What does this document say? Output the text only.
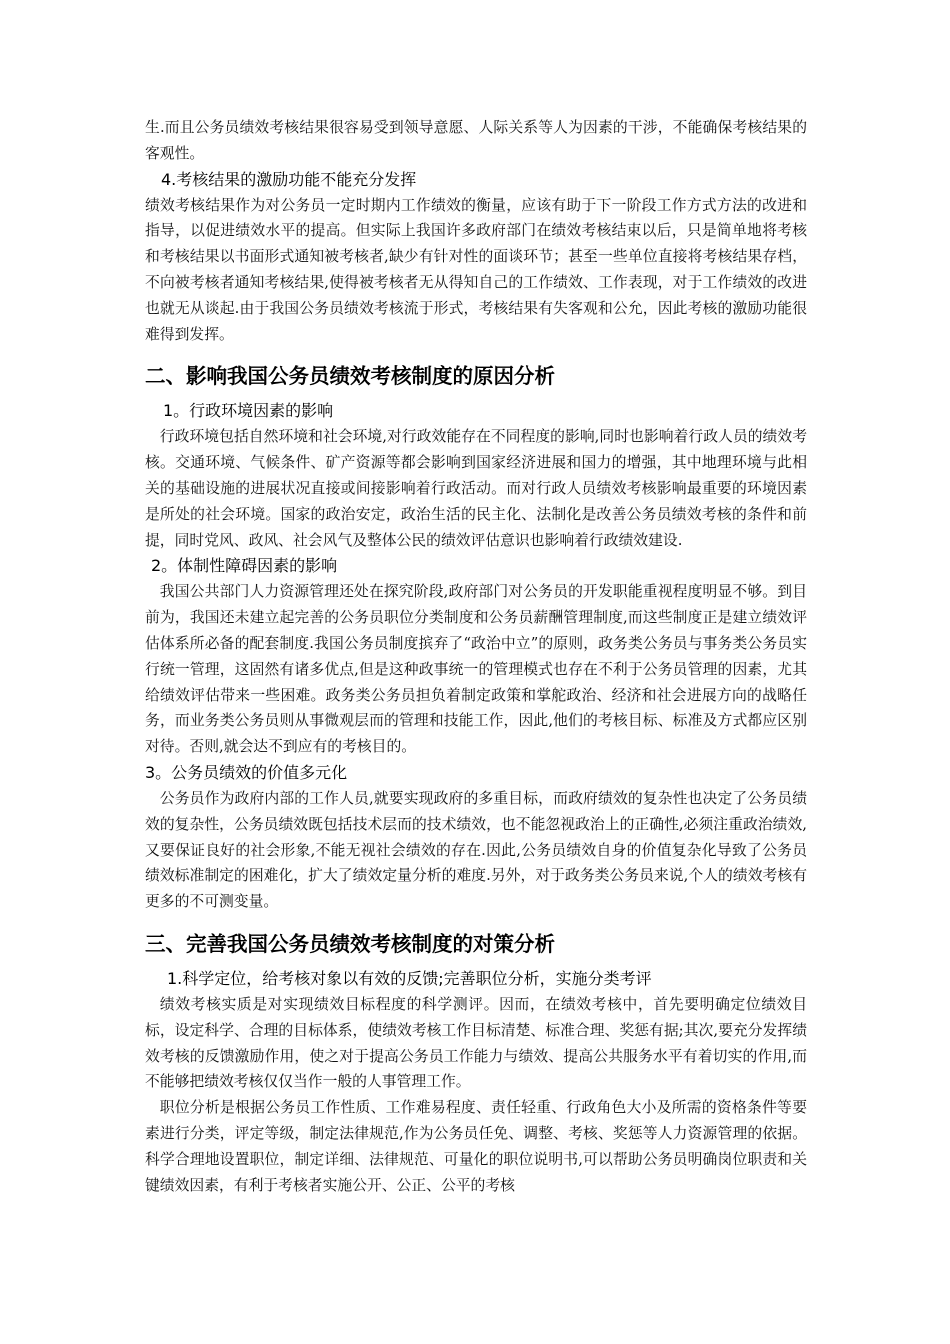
生.而且公务员绩效考核结果很容易受到领导意愿、人际关系等人为因素的干涉，不能确保考核结果的客观性。

4.考核结果的激励功能不能充分发挥

绩效考核结果作为对公务员一定时期内工作绩效的衡量，应该有助于下一阶段工作方式方法的改进和指导，以促进绩效水平的提高。但实际上我国许多政府部门在绩效考核结束以后，只是简单地将考核和考核结果以书面形式通知被考核者,缺少有针对性的面谈环节；甚至一些单位直接将考核结果存档，不向被考核者通知考核结果,使得被考核者无从得知自己的工作绩效、工作表现，对于工作绩效的改进也就无从谈起.由于我国公务员绩效考核流于形式，考核结果有失客观和公允，因此考核的激励功能很难得到发挥。

二、影响我国公务员绩效考核制度的原因分析

1。行政环境因素的影响

行政环境包括自然环境和社会环境,对行政效能存在不同程度的影响,同时也影响着行政人员的绩效考核。交通环境、气候条件、矿产资源等都会影响到国家经济进展和国力的增强，其中地理环境与此相关的基础设施的进展状况直接或间接影响着行政活动。而对行政人员绩效考核影响最重要的环境因素是所处的社会环境。国家的政治安定，政治生活的民主化、法制化是改善公务员绩效考核的条件和前提，同时党风、政风、社会风气及整体公民的绩效评估意识也影响着行政绩效建设.

2。体制性障碍因素的影响

我国公共部门人力资源管理还处在探究阶段,政府部门对公务员的开发职能重视程度明显不够。到目前为，我国还未建立起完善的公务员职位分类制度和公务员薪酬管理制度,而这些制度正是建立绩效评估体系所必备的配套制度.我国公务员制度摈弃了“政治中立”的原则，政务类公务员与事务类公务员实行统一管理，这固然有诸多优点,但是这种政事统一的管理模式也存在不利于公务员管理的因素，尤其给绩效评估带来一些困难。政务类公务员担负着制定政策和掌舵政治、经济和社会进展方向的战略任务，而业务类公务员则从事微观层而的管理和技能工作，因此,他们的考核目标、标准及方式都应区别对待。否则,就会达不到应有的考核目的。

3。公务员绩效的价值多元化

公务员作为政府内部的工作人员,就要实现政府的多重目标，而政府绩效的复杂性也决定了公务员绩效的复杂性，公务员绩效既包括技术层而的技术绩效，也不能忽视政治上的正确性,必须注重政治绩效,又要保证良好的社会形象,不能无视社会绩效的存在.因此,公务员绩效自身的价值复杂化导致了公务员绩效标准制定的困难化，扩大了绩效定量分析的难度.另外，对于政务类公务员来说,个人的绩效考核有更多的不可测变量。

三、完善我国公务员绩效考核制度的对策分析

1.科学定位，给考核对象以有效的反馈;完善职位分析，实施分类考评

绩效考核实质是对实现绩效目标程度的科学测评。因而，在绩效考核中，首先要明确定位绩效目标，设定科学、合理的目标体系，使绩效考核工作目标清楚、标准合理、奖惩有据;其次,要充分发挥绩效考核的反馈激励作用，使之对于提高公务员工作能力与绩效、提高公共服务水平有着切实的作用,而不能够把绩效考核仅仅当作一般的人事管理工作。

职位分析是根据公务员工作性质、工作难易程度、责任轻重、行政角色大小及所需的资格条件等要素进行分类，评定等级，制定法律规范,作为公务员任免、调整、考核、奖惩等人力资源管理的依据。科学合理地设置职位，制定详细、法律规范、可量化的职位说明书,可以帮助公务员明确岗位职责和关键绩效因素，有利于考核者实施公开、公正、公平的考核
